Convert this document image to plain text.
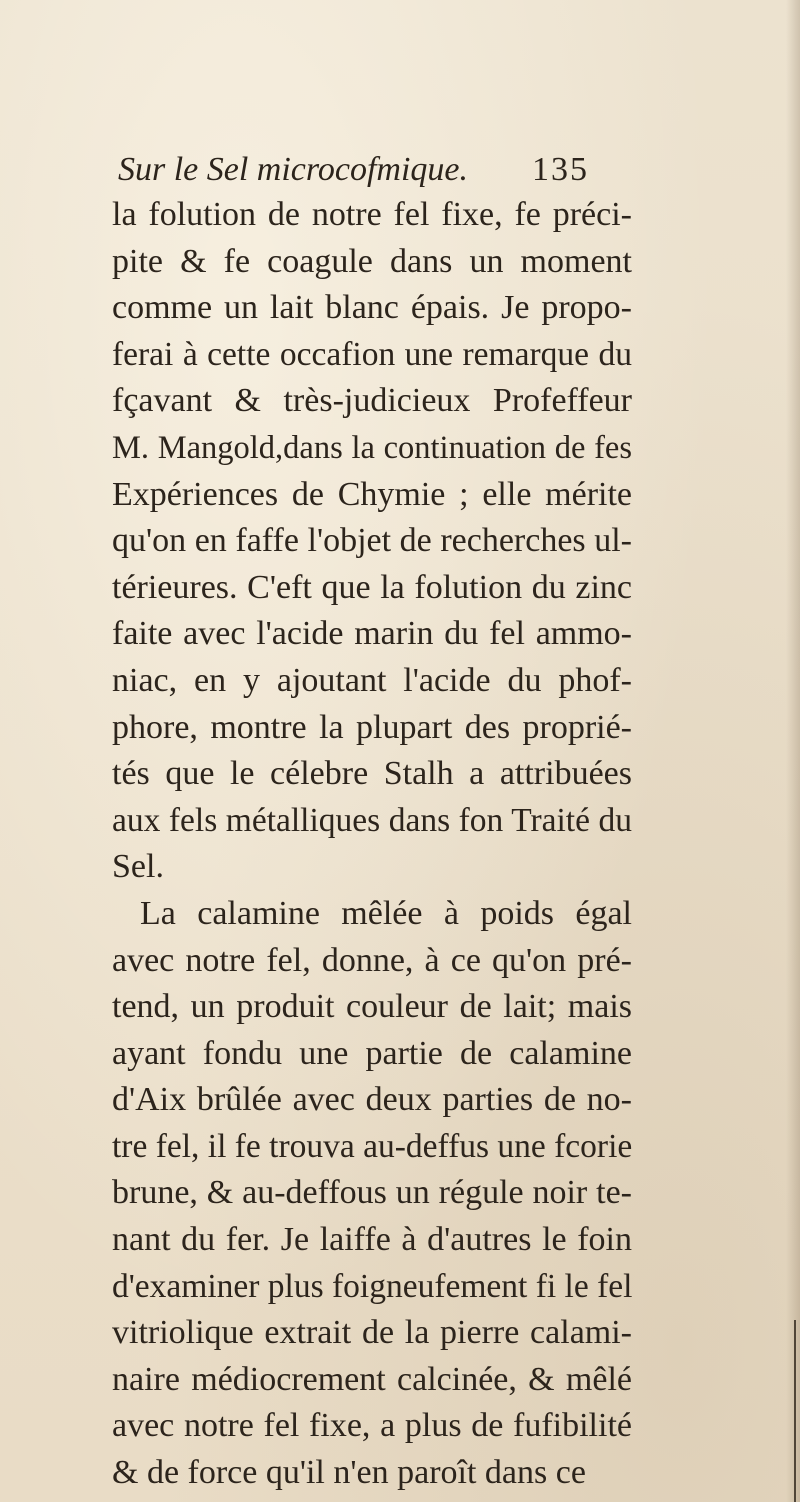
Sur le Sel microcofmique. 135
la folution de notre fel fixe, fe préci-
pite & fe coagule dans un moment
comme un lait blanc épais. Je propo-
ferai à cette occafion une remarque du
fçavant & très-judicieux Profeffeur
M. Mangold,dans la continuation de fes
Expériences de Chymie ; elle mérite
qu'on en faffe l'objet de recherches ul-
térieures. C'eft que la folution du zinc
faite avec l'acide marin du fel ammo-
niac, en y ajoutant l'acide du phof-
phore, montre la plupart des proprié-
tés que le célebre Stalh a attribuées
aux fels métalliques dans fon Traité du
Sel.
La calamine mêlée à poids égal
avec notre fel, donne, à ce qu'on pré-
tend, un produit couleur de lait; mais
ayant fondu une partie de calamine
d'Aix brûlée avec deux parties de no-
tre fel, il fe trouva au-deffus une fcorie
brune, & au-deffous un régule noir te-
nant du fer. Je laiffe à d'autres le foin
d'examiner plus foigneufement fi le fel
vitriolique extrait de la pierre calami-
naire médiocrement calcinée, & mêlé
avec notre fel fixe, a plus de fufibilité
& de force qu'il n'en paroît dans ce
